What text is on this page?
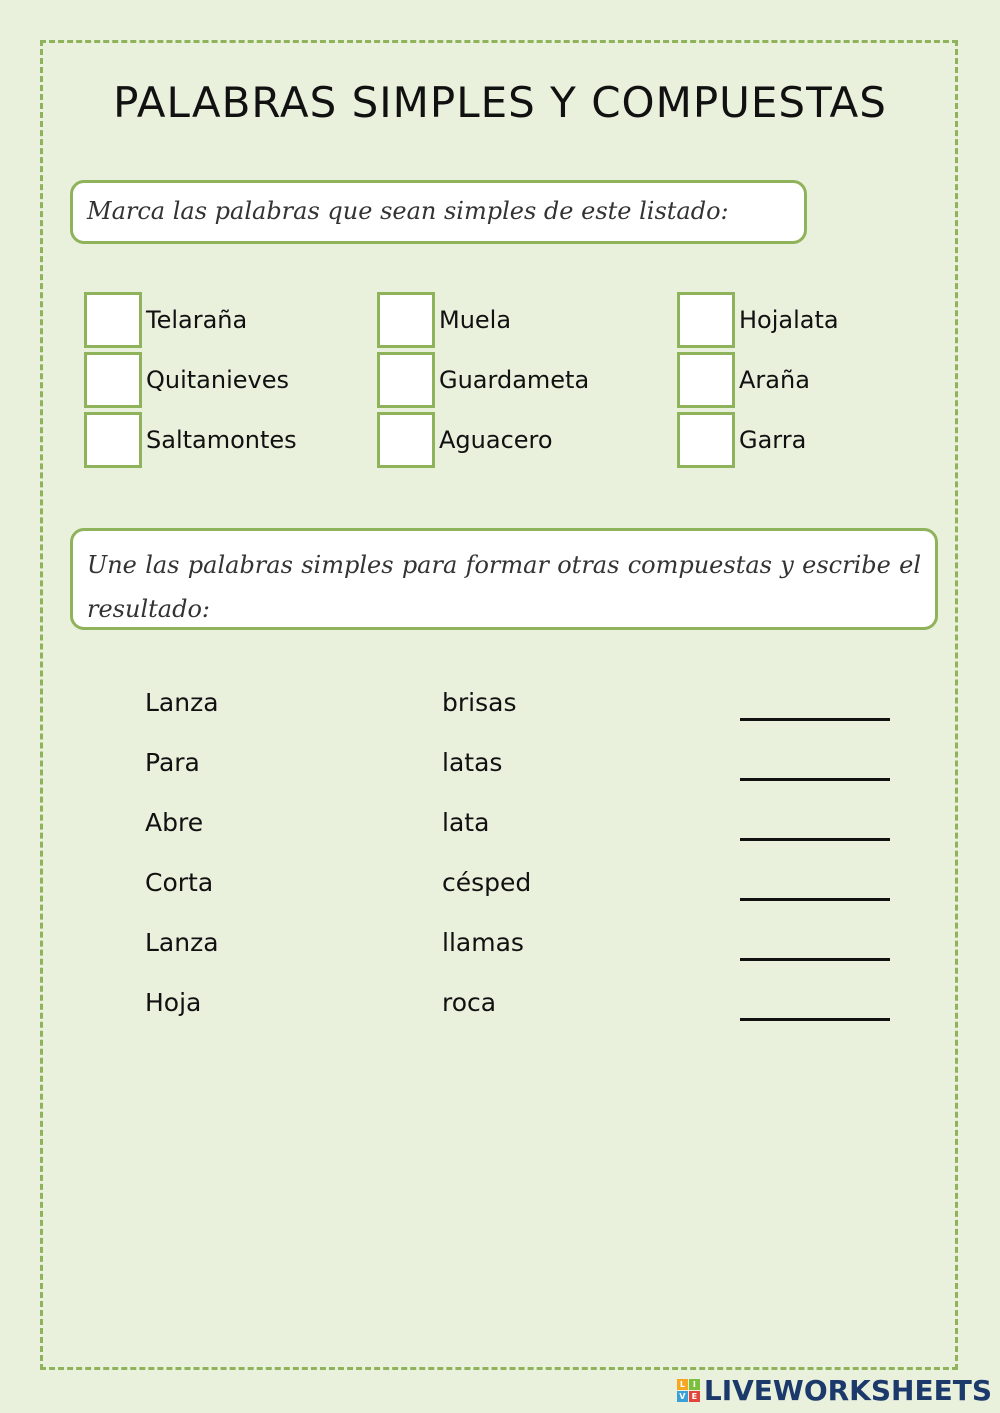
PALABRAS SIMPLES Y COMPUESTAS
Marca las palabras que sean simples de este listado:
Telaraña
Quitanieves
Saltamontes
Muela
Guardameta
Aguacero
Hojalata
Araña
Garra
Une las palabras simples para formar otras compuestas y escribe el resultado:
Lanza	brisas
Para	latas
Abre	lata
Corta	césped
Lanza	llamas
Hoja	roca
L I
V E LIVEWORKSHEETS
